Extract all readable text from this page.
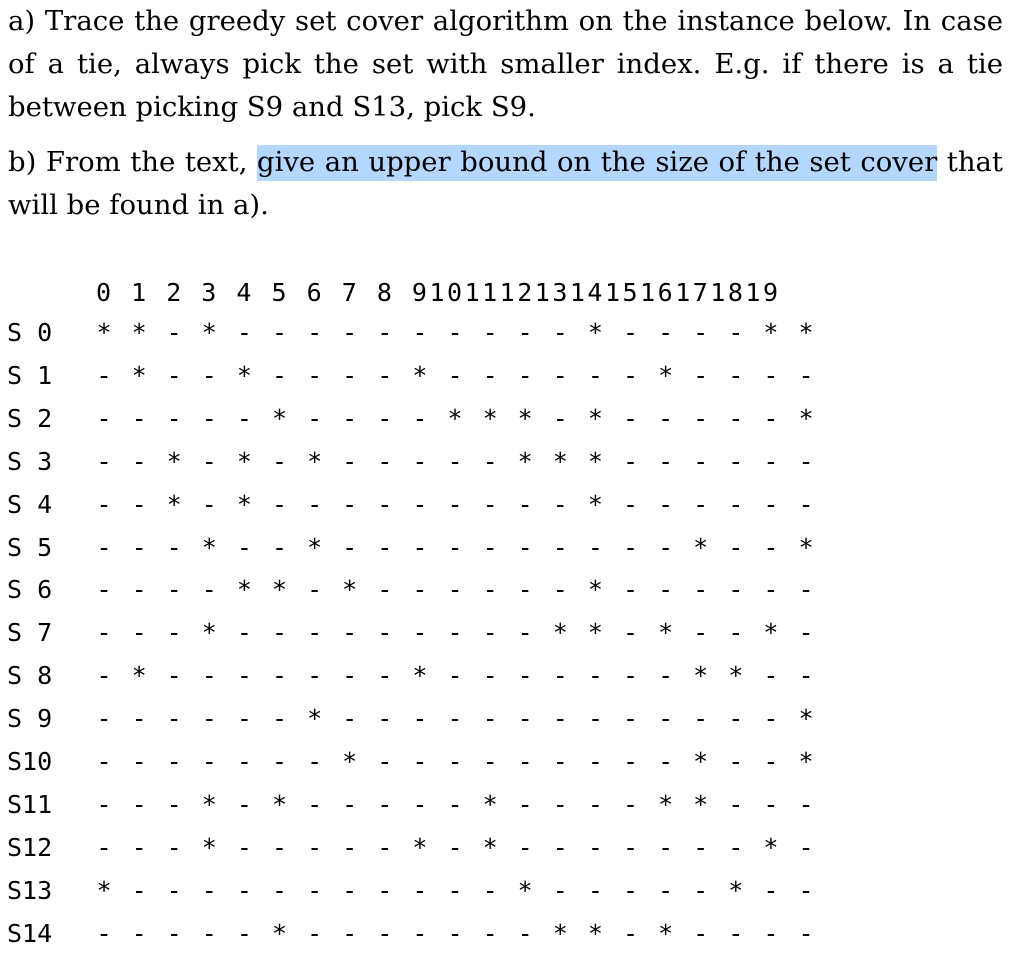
a) Trace the greedy set cover algorithm on the instance below. In case of a tie, always pick the set with smaller index. E.g. if there is a tie between picking S9 and S13, pick S9.
b) From the text, give an upper bound on the size of the set cover that will be found in a).
0 1 2 3 4 5 6 7 8 910111213141516171819
S 0 * * - * - - - - - - - - - - * - - - - * *
S 1 - * - - * - - - - * - - - - - - * - - - -
S 2 - - - - - * - - - - * * * - * - - - - - *
S 3 - - * - * - * - - - - - * * * - - - - - -
S 4 - - * - * - - - - - - - - - * - - - - - -
S 5 - - - * - - * - - - - - - - - - - * - - *
S 6 - - - - * * - * - - - - - - * - - - - - -
S 7 - - - * - - - - - - - - - * * - * - - * -
S 8 - * - - - - - - - * - - - - - - - * * - -
S 9 - - - - - - * - - - - - - - - - - - - - *
S10 - - - - - - - * - - - - - - - - - * - - *
S11 - - - * - * - - - - - * - - - - * * - - -
S12 - - - * - - - - - * - * - - - - - - - * -
S13 * - - - - - - - - - - - * - - - - - * - -
S14 - - - - - * - - - - - - - * * - * - - - -
